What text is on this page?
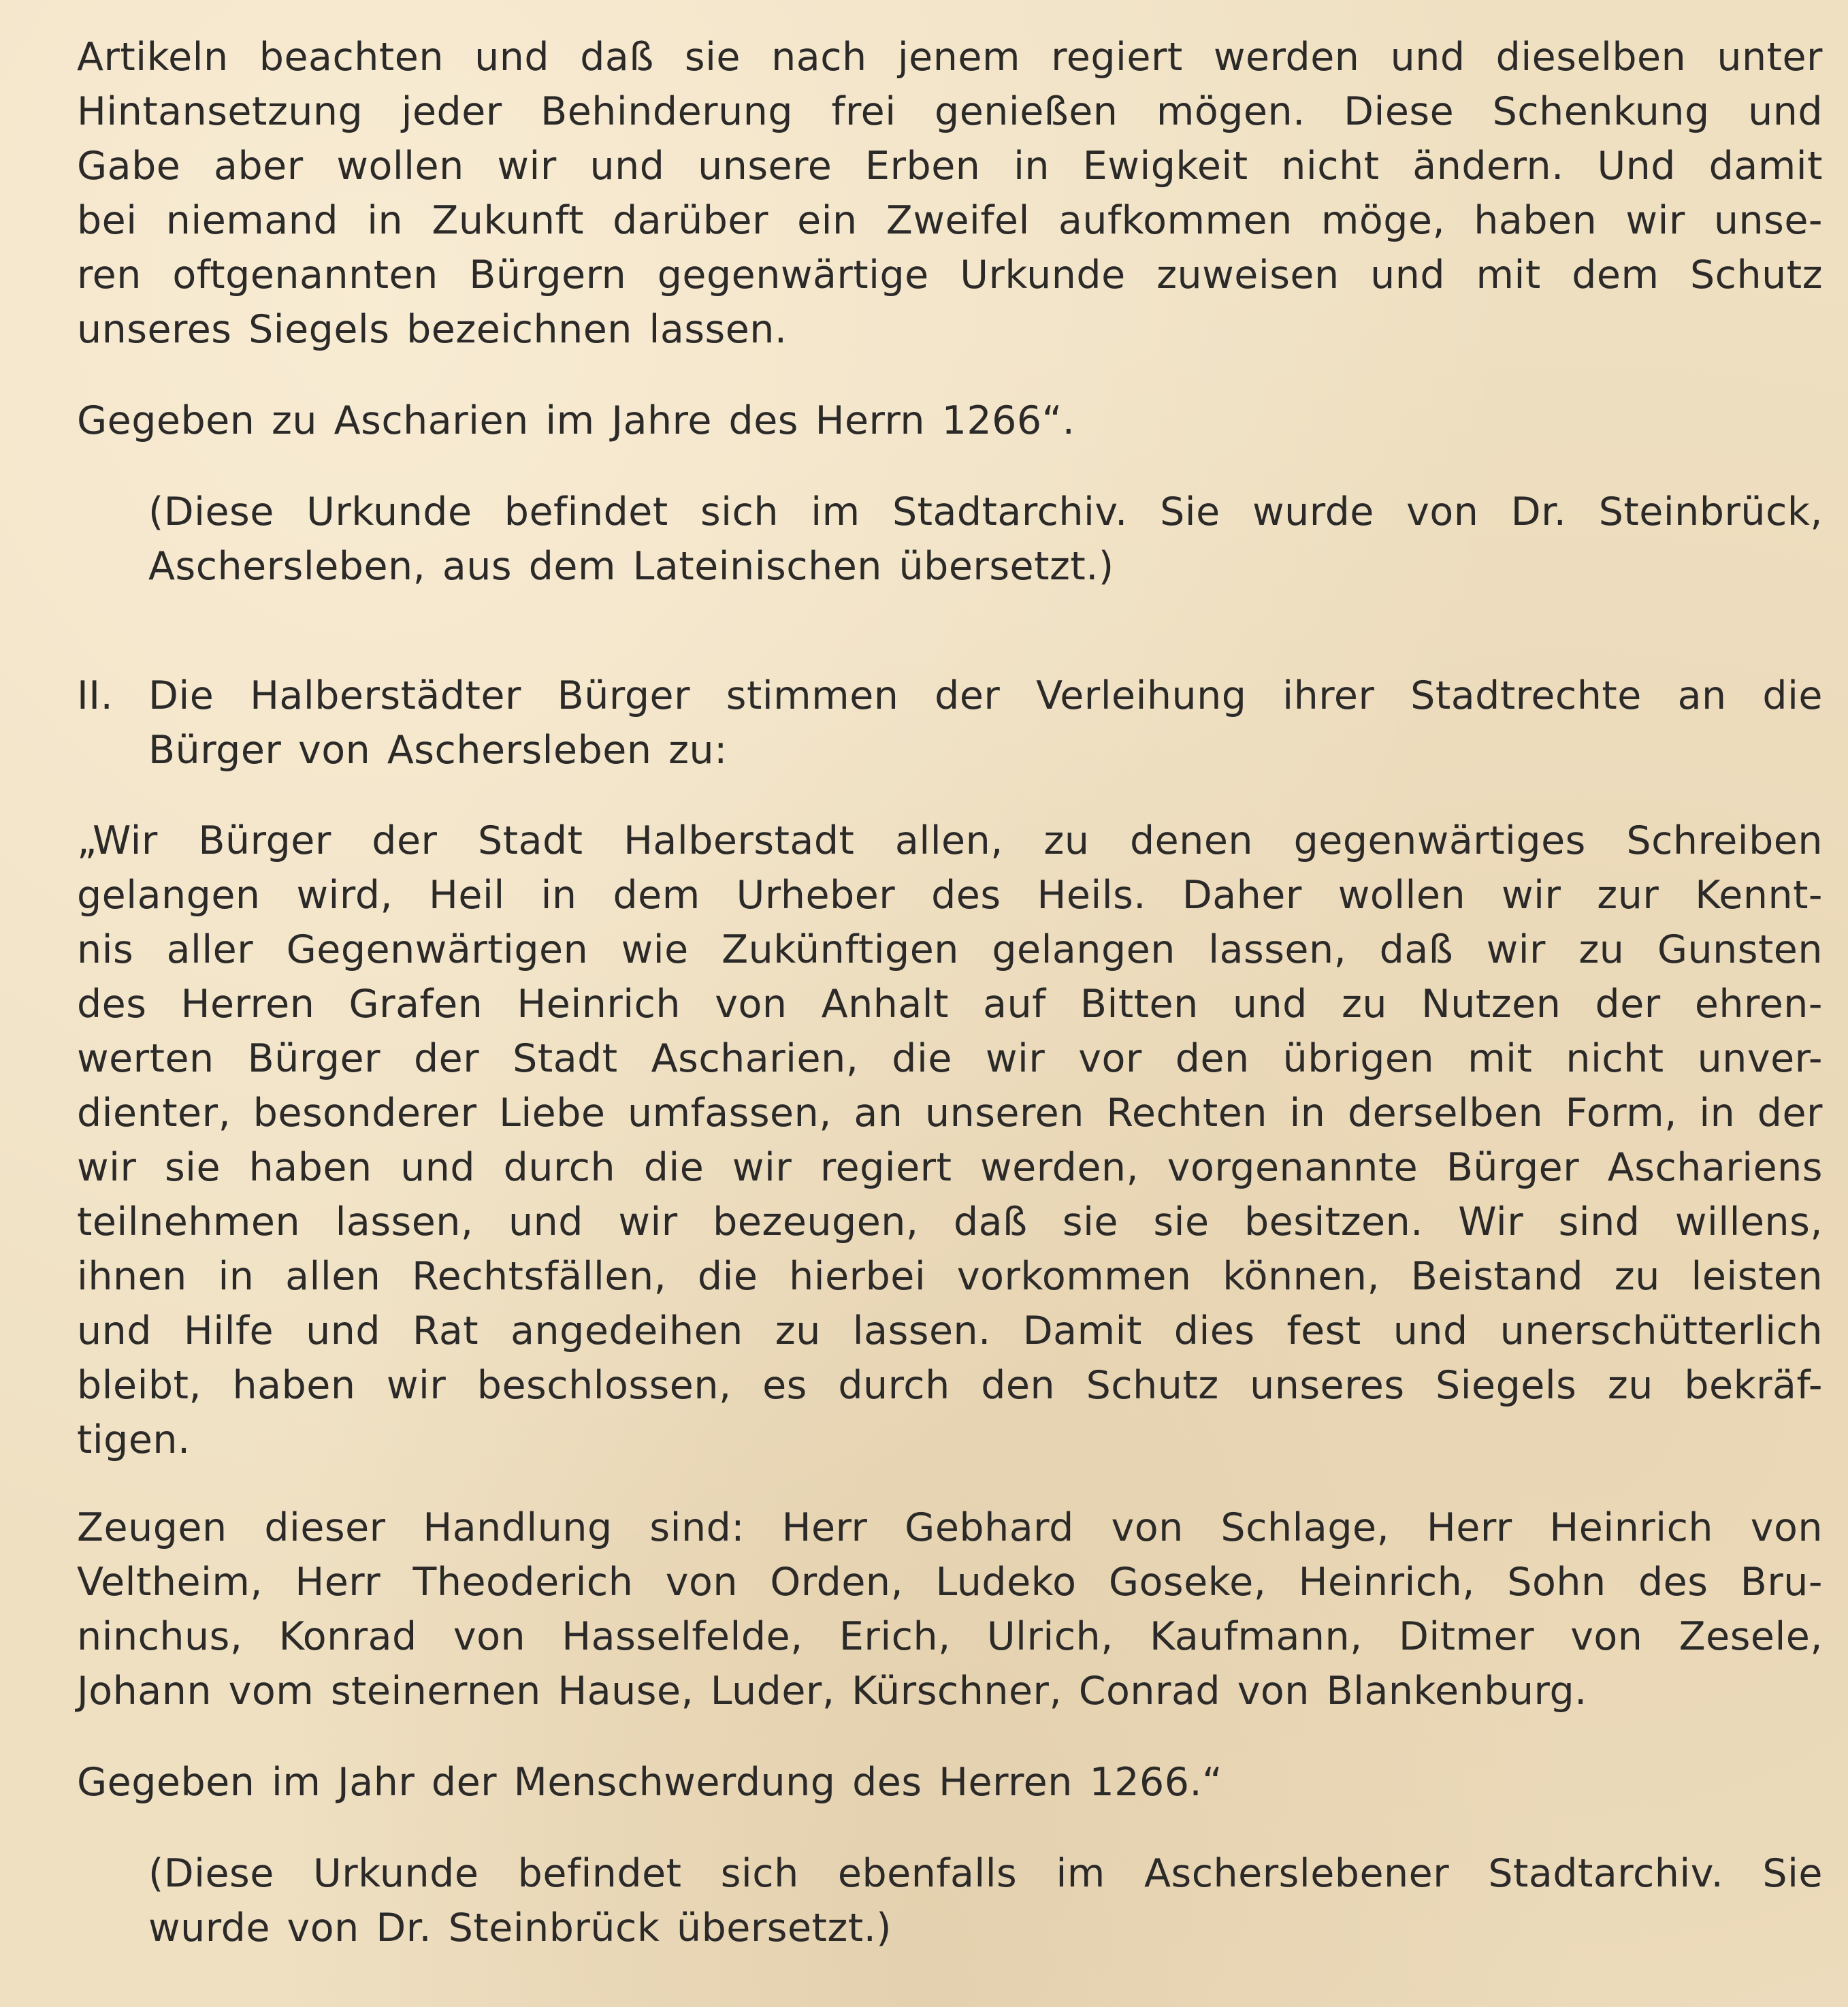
Artikeln beachten und daß sie nach jenem regiert werden und dieselben unter
Hintansetzung jeder Behinderung frei genießen mögen. Diese Schenkung und
Gabe aber wollen wir und unsere Erben in Ewigkeit nicht ändern. Und damit
bei niemand in Zukunft darüber ein Zweifel aufkommen möge, haben wir unse-
ren oftgenannten Bürgern gegenwärtige Urkunde zuweisen und mit dem Schutz
unseres Siegels bezeichnen lassen.
Gegeben zu Ascharien im Jahre des Herrn 1266“.
(Diese Urkunde befindet sich im Stadtarchiv. Sie wurde von Dr. Steinbrück,
Aschersleben, aus dem Lateinischen übersetzt.)
II. Die Halberstädter Bürger stimmen der Verleihung ihrer Stadtrechte an die
Bürger von Aschersleben zu:
„Wir Bürger der Stadt Halberstadt allen, zu denen gegenwärtiges Schreiben
gelangen wird, Heil in dem Urheber des Heils. Daher wollen wir zur Kennt-
nis aller Gegenwärtigen wie Zukünftigen gelangen lassen, daß wir zu Gunsten
des Herren Grafen Heinrich von Anhalt auf Bitten und zu Nutzen der ehren-
werten Bürger der Stadt Ascharien, die wir vor den übrigen mit nicht unver-
dienter, besonderer Liebe umfassen, an unseren Rechten in derselben Form, in der
wir sie haben und durch die wir regiert werden, vorgenannte Bürger Aschariens
teilnehmen lassen, und wir bezeugen, daß sie sie besitzen. Wir sind willens,
ihnen in allen Rechtsfällen, die hierbei vorkommen können, Beistand zu leisten
und Hilfe und Rat angedeihen zu lassen. Damit dies fest und unerschütterlich
bleibt, haben wir beschlossen, es durch den Schutz unseres Siegels zu bekräf-
tigen.
Zeugen dieser Handlung sind: Herr Gebhard von Schlage, Herr Heinrich von
Veltheim, Herr Theoderich von Orden, Ludeko Goseke, Heinrich, Sohn des Bru-
ninchus, Konrad von Hasselfelde, Erich, Ulrich, Kaufmann, Ditmer von Zesele,
Johann vom steinernen Hause, Luder, Kürschner, Conrad von Blankenburg.
Gegeben im Jahr der Menschwerdung des Herren 1266.“
(Diese Urkunde befindet sich ebenfalls im Ascherslebener Stadtarchiv. Sie
wurde von Dr. Steinbrück übersetzt.)
